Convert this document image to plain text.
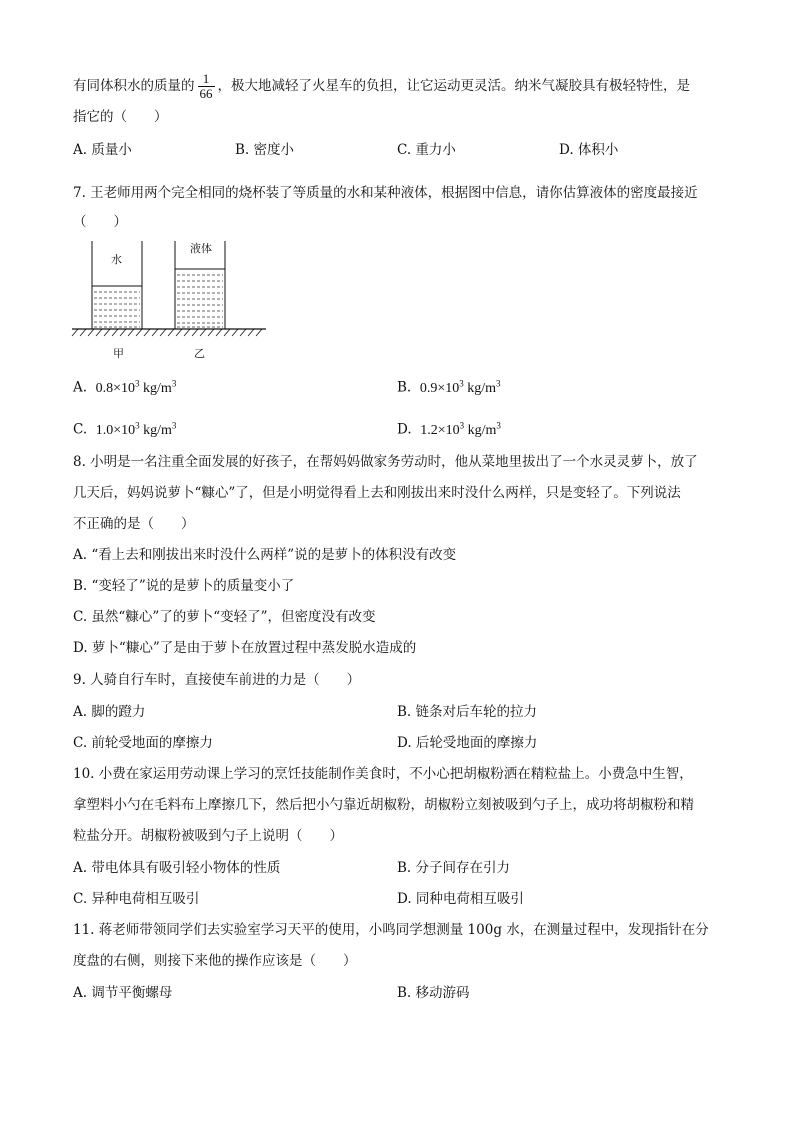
有同体积水的质量的 $\frac{1}{66}$ ，极大地减轻了火星车的负担，让它运动更灵活。纳米气凝胶具有极轻特性，是
指它的（　　）
A. 质量小	B. 密度小	C. 重力小	D. 体积小
7. 王老师用两个完全相同的烧杯装了等质量的水和某种液体，根据图中信息，请你估算液体的密度最接近
（　　）
水
液体
甲	乙
A. $0.8\times 10^3$ $kg/m^3$	B. $0.9\times 10^3$ $kg/m^3$
C. $1.0\times 10^3$ $kg/m^3$	D. $1.2\times 10^3$ $kg/m^3$
8. 小明是一名注重全面发展的好孩子，在帮妈妈做家务劳动时，他从菜地里拔出了一个水灵灵萝卜，放了
几天后，妈妈说萝卜“糠心”了，但是小明觉得看上去和刚拔出来时没什么两样，只是变轻了。下列说法
不正确的是（　　）
A. “看上去和刚拔出来时没什么两样”说的是萝卜的体积没有改变
B. “变轻了”说的是萝卜的质量变小了
C. 虽然“糠心”了的萝卜“变轻了”，但密度没有改变
D. 萝卜“糠心”了是由于萝卜在放置过程中蒸发脱水造成的
9. 人骑自行车时，直接使车前进的力是（　　）
A. 脚的蹬力	B. 链条对后车轮的拉力
C. 前轮受地面的摩擦力	D. 后轮受地面的摩擦力
10. 小费在家运用劳动课上学习的烹饪技能制作美食时，不小心把胡椒粉洒在精粒盐上。小费急中生智，
拿塑料小勺在毛料布上摩擦几下，然后把小勺靠近胡椒粉，胡椒粉立刻被吸到勺子上，成功将胡椒粉和精
粒盐分开。胡椒粉被吸到勺子上说明（　　）
A. 带电体具有吸引轻小物体的性质	B. 分子间存在引力
C. 异种电荷相互吸引	D. 同种电荷相互吸引
11. 蒋老师带领同学们去实验室学习天平的使用，小鸣同学想测量 100g 水，在测量过程中，发现指针在分
度盘的右侧，则接下来他的操作应该是（　　）
A. 调节平衡螺母	B. 移动游码
